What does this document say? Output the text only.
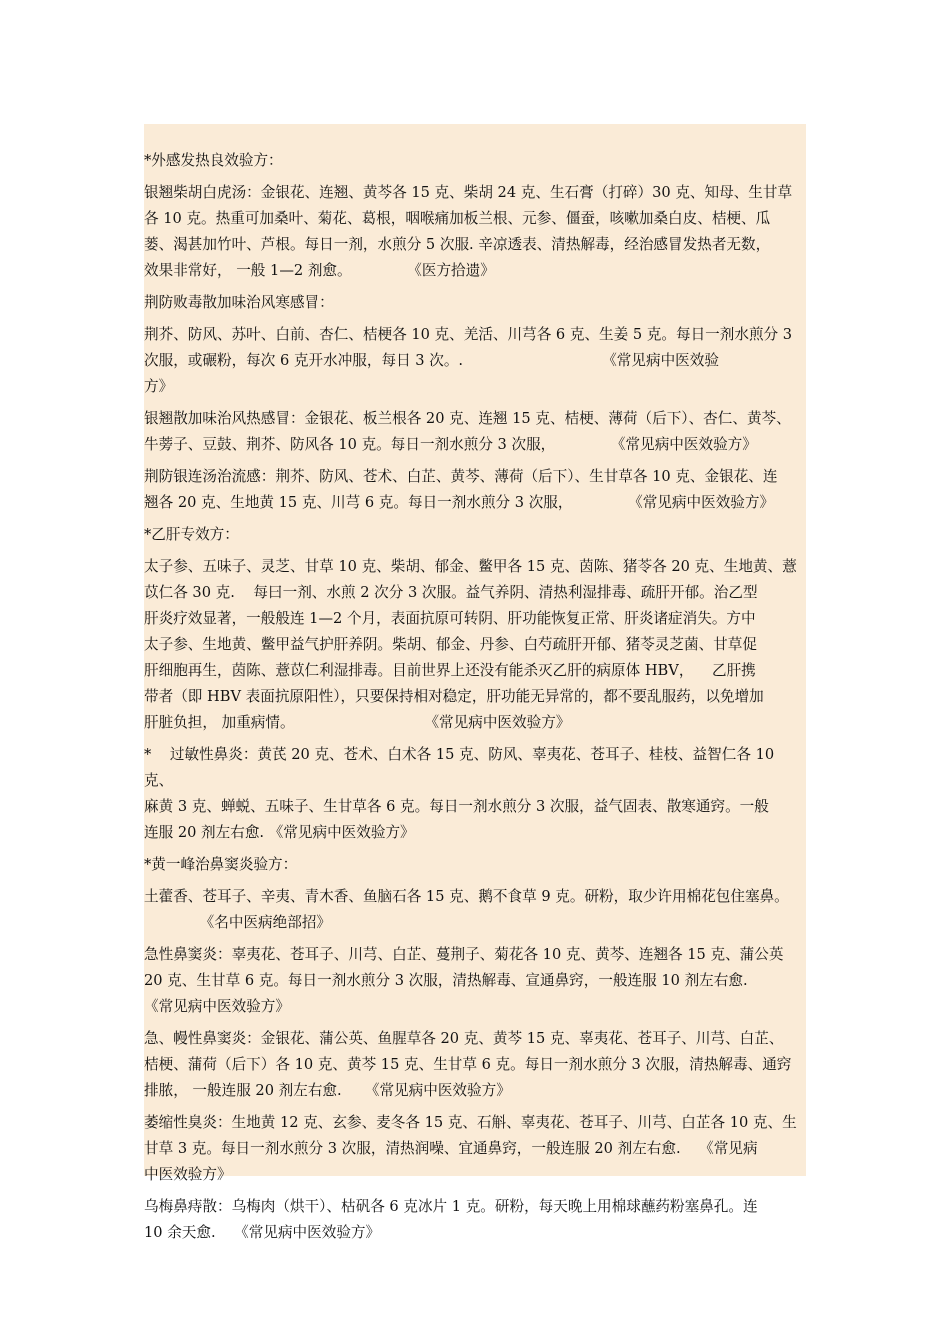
*外感发热良效验方：
银翘柴胡白虎汤：金银花、连翘、黄芩各 15 克、柴胡 24 克、生石膏（打碎）30 克、知母、生甘草
各 10 克。热重可加桑叶、菊花、葛根，咽喉痛加板兰根、元参、僵蚕，咳嗽加桑白皮、桔梗、瓜
蒌、渴甚加竹叶、芦根。每日一剂，水煎分 5 次服. 辛凉透表、清热解毒，经治感冒发热者无数，
效果非常好， 一般 1—2 剂愈。            《医方拾遗》
荆防败毒散加味治风寒感冒：
荆芥、防风、苏叶、白前、杏仁、桔梗各 10 克、羌活、川芎各 6 克、生姜 5 克。每日一剂水煎分 3
次服，或碾粉，每次 6 克开水冲服，每日 3 次。.                              《常见病中医效验
方》
银翘散加味治风热感冒：金银花、板兰根各 20 克、连翘 15 克、桔梗、薄荷（后下）、杏仁、黄芩、
牛蒡子、豆鼓、荆芥、防风各 10 克。每日一剂水煎分 3 次服，            《常见病中医效验方》
荆防银连汤治流感：荆芥、防风、苍术、白芷、黄芩、薄荷（后下）、生甘草各 10 克、金银花、连
翘各 20 克、生地黄 15 克、川芎 6 克。每日一剂水煎分 3 次服，            《常见病中医效验方》
*乙肝专效方：
太子参、五味子、灵芝、甘草 10 克、柴胡、郁金、鳖甲各 15 克、茵陈、猪苓各 20 克、生地黄、薏
苡仁各 30 克.    每曰一剂、水煎 2 次分 3 次服。益气养阴、清热利湿排毒、疏肝开郁。治乙型
肝炎疗效显著，一般般连 1—2 个月，表面抗原可转阴、肝功能恢复正常、肝炎诸症消失。方中
太子参、生地黄、鳖甲益气护肝养阴。柴胡、郁金、丹参、白芍疏肝开郁、猪苓灵芝菌、甘草促
肝细胞再生，茵陈、薏苡仁利湿排毒。目前世界上还没有能杀灭乙肝的病原体 HBV，    乙肝携
带者（即 HBV 表面抗原阳性），只要保持相对稳定，肝功能无异常的，都不要乱服药，以免增加
肝脏负担， 加重病情。                            《常见病中医效验方》
*    过敏性鼻炎：黄芪 20 克、苍术、白术各 15 克、防风、辜夷花、苍耳子、桂枝、益智仁各 10 克、
麻黄 3 克、蝉蜕、五味子、生甘草各 6 克。每日一剂水煎分 3 次服，益气固表、散寒通窍。一般
连服 20 剂左右愈. 《常见病中医效验方》
*黄一峰治鼻窦炎验方：
土藿香、苍耳子、辛夷、青木香、鱼脑石各 15 克、鹅不食草 9 克。研粉，取少许用棉花包住塞鼻。
《名中医病绝部招》
急性鼻窦炎：辜夷花、苍耳子、川芎、白芷、蔓荆子、菊花各 10 克、黄芩、连翘各 15 克、蒲公英
20 克、生甘草 6 克。每日一剂水煎分 3 次服，清热解毒、宣通鼻窍，一般连服 10 剂左右愈.
《常见病中医效验方》
急、幔性鼻窦炎：金银花、蒲公英、鱼腥草各 20 克、黄芩 15 克、辜夷花、苍耳子、川芎、白芷、
桔梗、蒲荷（后下）各 10 克、黄芩 15 克、生甘草 6 克。每日一剂水煎分 3 次服，清热解毒、通窍
排脓， 一般连服 20 剂左右愈.     《常见病中医效验方》
萎缩性臭炎：生地黄 12 克、玄参、麦冬各 15 克、石斛、辜夷花、苍耳子、川芎、白芷各 10 克、生
甘草 3 克。每日一剂水煎分 3 次服，清热润噪、宜通鼻窍，一般连服 20 剂左右愈.    《常见病
中医效验方》
乌梅鼻痔散：乌梅肉（烘干）、枯矾各 6 克冰片 1 克。研粉，每天晚上用棉球蘸药粉塞鼻孔。连
10 余天愈.    《常见病中医效验方》
